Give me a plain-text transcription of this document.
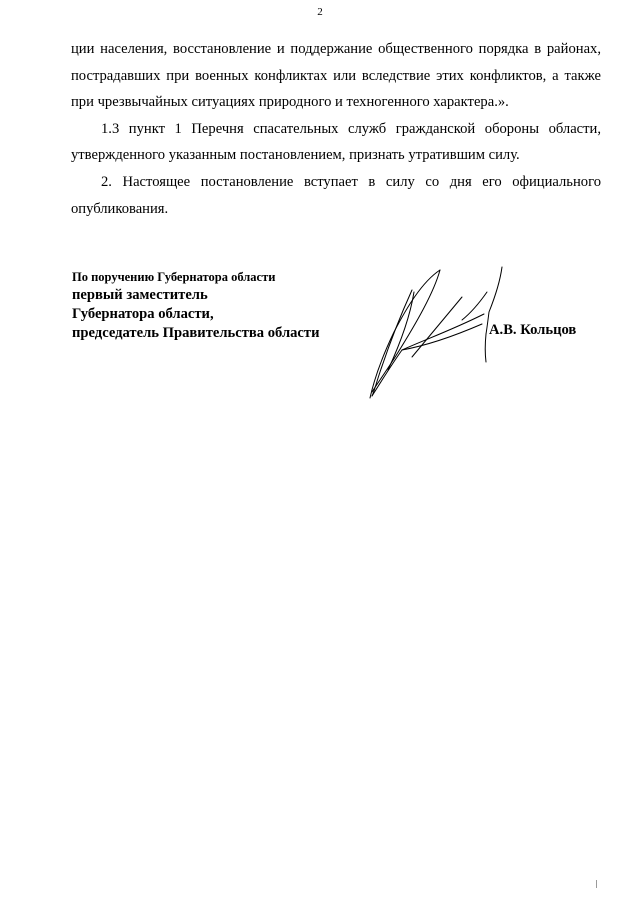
2

ции населения, восстановление и поддержание общественного порядка в районах, пострадавших при военных конфликтах или вследствие этих конфликтов, а также при чрезвычайных ситуациях природного и техногенного характера.».

1.3 пункт 1 Перечня спасательных служб гражданской обороны области, утвержденного указанным постановлением, признать утратившим силу.

2. Настоящее постановление вступает в силу со дня его официального опубликования.

По поручению Губернатора области
первый заместитель
Губернатора области,
председатель Правительства области	А.В. Кольцов
